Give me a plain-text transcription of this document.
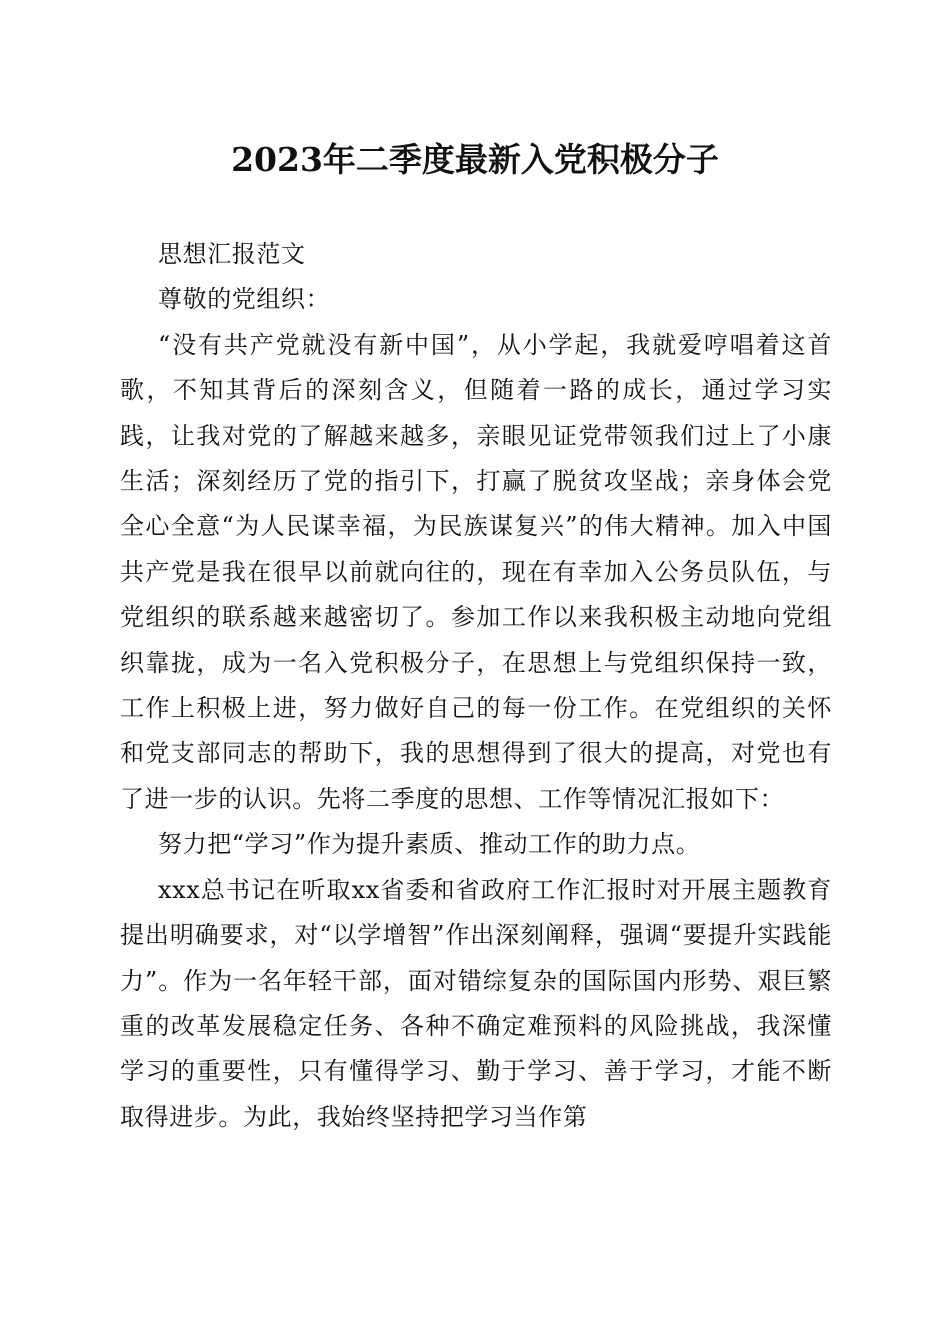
2023年二季度最新入党积极分子

思想汇报范文

尊敬的党组织：

“没有共产党就没有新中国”，从小学起，我就爱哼唱着这首歌，不知其背后的深刻含义，但随着一路的成长，通过学习实践，让我对党的了解越来越多，亲眼见证党带领我们过上了小康生活；深刻经历了党的指引下，打赢了脱贫攻坚战；亲身体会党全心全意“为人民谋幸福，为民族谋复兴”的伟大精神。加入中国共产党是我在很早以前就向往的，现在有幸加入公务员队伍，与党组织的联系越来越密切了。参加工作以来我积极主动地向党组织靠拢，成为一名入党积极分子，在思想上与党组织保持一致，工作上积极上进，努力做好自己的每一份工作。在党组织的关怀和党支部同志的帮助下，我的思想得到了很大的提高，对党也有了进一步的认识。先将二季度的思想、工作等情况汇报如下：

努力把“学习”作为提升素质、推动工作的助力点。

xxx总书记在听取xx省委和省政府工作汇报时对开展主题教育提出明确要求，对“以学增智”作出深刻阐释，强调“要提升实践能力”。作为一名年轻干部，面对错综复杂的国际国内形势、艰巨繁重的改革发展稳定任务、各种不确定难预料的风险挑战，我深懂学习的重要性，只有懂得学习、勤于学习、善于学习，才能不断取得进步。为此，我始终坚持把学习当作第
